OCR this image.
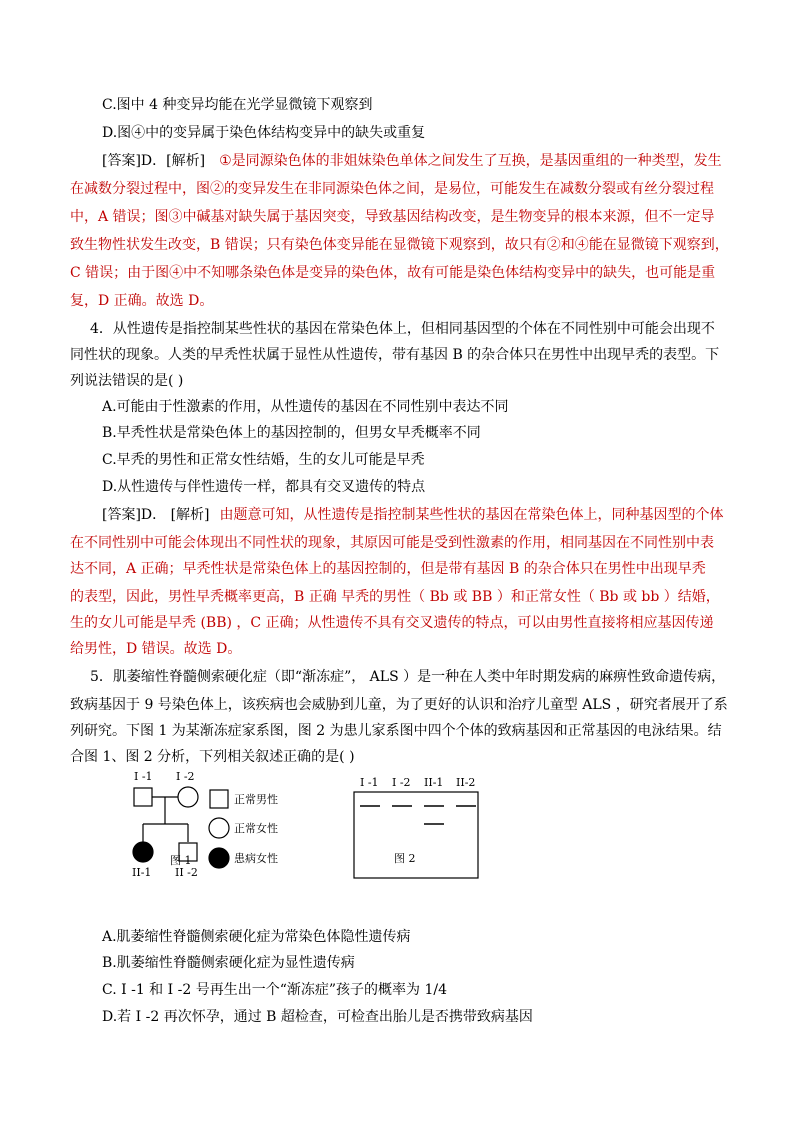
C.图中 4 种变异均能在光学显微镜下观察到
D.图④中的变异属于染色体结构变异中的缺失或重复
[答案]D．[解析] ①是同源染色体的非姐妹染色单体之间发生了互换，是基因重组的一种类型，发生
在减数分裂过程中，图②的变异发生在非同源染色体之间，是易位，可能发生在减数分裂或有丝分裂过程
中，A 错误；图③中碱基对缺失属于基因突变，导致基因结构改变，是生物变异的根本来源，但不一定导
致生物性状发生改变，B 错误；只有染色体变异能在显微镜下观察到，故只有②和④能在显微镜下观察到，
C 错误；由于图④中不知哪条染色体是变异的染色体，故有可能是染色体结构变异中的缺失，也可能是重
复，D 正确。故选 D。
4．从性遗传是指控制某些性状的基因在常染色体上，但相同基因型的个体在不同性别中可能会出现不
同性状的现象。人类的早秃性状属于显性从性遗传，带有基因 B 的杂合体只在男性中出现早秃的表型。下
列说法错误的是( )
A.可能由于性激素的作用，从性遗传的基因在不同性别中表达不同
B.早秃性状是常染色体上的基因控制的，但男女早秃概率不同
C.早秃的男性和正常女性结婚，生的女儿可能是早秃
D.从性遗传与伴性遗传一样，都具有交叉遗传的特点
[答案]D． [解析] 由题意可知，从性遗传是指控制某些性状的基因在常染色体上，同种基因型的个体
在不同性别中可能会体现出不同性状的现象，其原因可能是受到性激素的作用，相同基因在不同性别中表
达不同，A 正确；早秃性状是常染色体上的基因控制的，但是带有基因 B 的杂合体只在男性中出现早秃
的表型，因此，男性早秃概率更高，B 正确 早秃的男性（ Bb 或 BB ）和正常女性（ Bb 或 bb ）结婚，
生的女儿可能是早秃 (BB) ，C 正确；从性遗传不具有交叉遗传的特点，可以由男性直接将相应基因传递
给男性，D 错误。故选 D。
5．肌萎缩性脊髓侧索硬化症（即“渐冻症”， ALS ）是一种在人类中年时期发病的麻痹性致命遗传病，
致病基因于 9 号染色体上，该疾病也会威胁到儿童，为了更好的认识和治疗儿童型 ALS ，研究者展开了系
列研究。下图 1 为某渐冻症家系图，图 2 为患儿家系图中四个个体的致病基因和正常基因的电泳结果。结
合图 1、图 2 分析，下列相关叙述正确的是( )
I -1 I -2
图 1
II-1 II -2
正常男性
正常女性
患病女性
I -1 I -2 II-1 II-2
图 2
A.肌萎缩性脊髓侧索硬化症为常染色体隐性遗传病
B.肌萎缩性脊髓侧索硬化症为显性遗传病
C. I -1 和 I -2 号再生出一个“渐冻症”孩子的概率为 1/4
D.若 I -2 再次怀孕，通过 B 超检查，可检查出胎儿是否携带致病基因
